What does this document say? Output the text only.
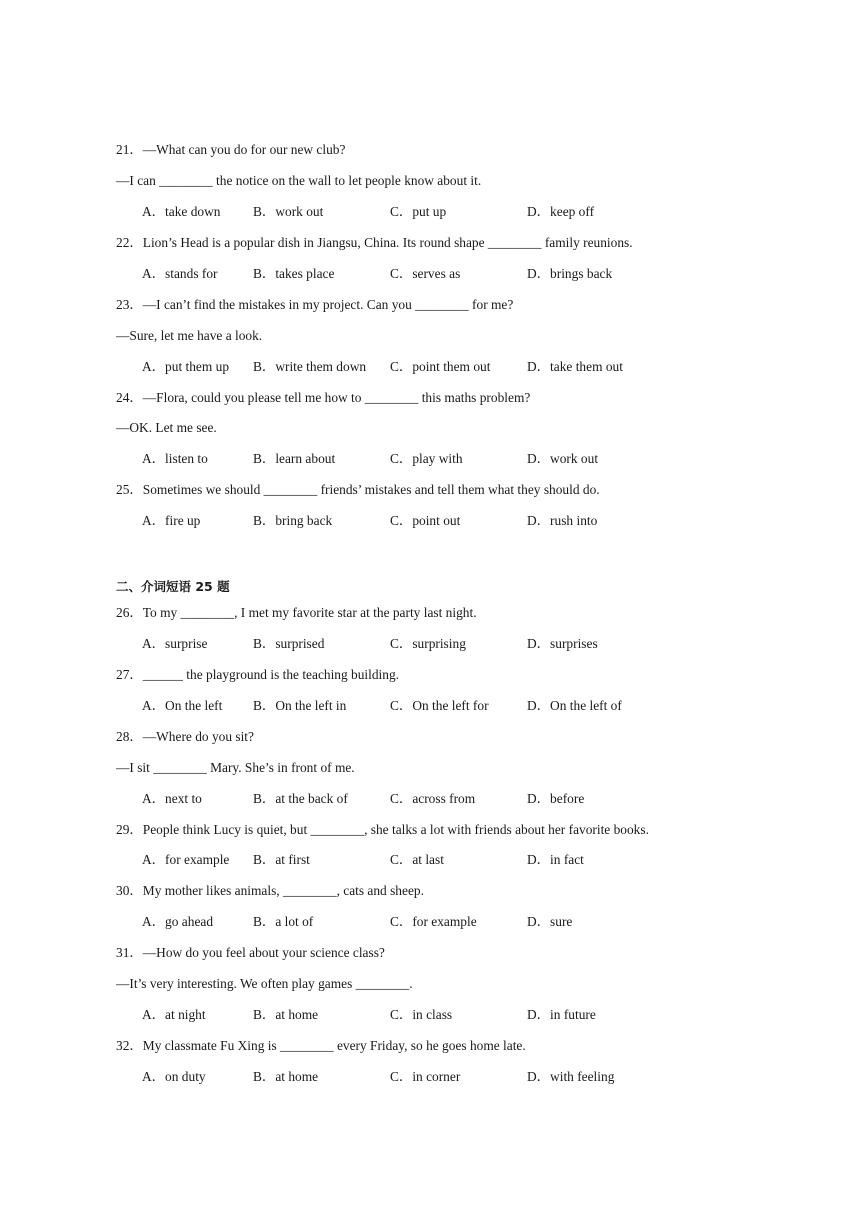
21．—What can you do for our new club?
—I can ________ the notice on the wall to let people know about it.
A．take down B．work out	C．put up	D．keep off
22．Lion’s Head is a popular dish in Jiangsu, China. Its round shape ________ family reunions.
A．stands for	B．takes place	C．serves as	D．brings back
23．—I can’t find the mistakes in my project. Can you ________ for me?
—Sure, let me have a look.
A．put them up B．write them down C．point them out	D．take them out
24．—Flora, could you please tell me how to ________ this maths problem?
—OK. Let me see.
A．listen to	B．learn about	C．play with	D．work out
25．Sometimes we should ________ friends’ mistakes and tell them what they should do.
A．fire up	B．bring back	C．point out	D．rush into
二、介词短语 25 题
26．To my ________, I met my favorite star at the party last night.
A．surprise	B．surprised	C．surprising	D．surprises
27．______ the playground is the teaching building.
A．On the left B．On the left in	C．On the left for	D．On the left of
28．—Where do you sit?
—I sit ________ Mary. She’s in front of me.
A．next to	B．at the back of	C．across from	D．before
29．People think Lucy is quiet, but ________, she talks a lot with friends about her favorite books.
A．for example B．at first	C．at last	D．in fact
30．My mother likes animals, ________, cats and sheep.
A．go ahead	B．a lot of	C．for example	D．sure
31．—How do you feel about your science class?
—It’s very interesting. We often play games ________.
A．at night	B．at home	C．in class	D．in future
32．My classmate Fu Xing is ________ every Friday, so he goes home late.
A．on duty	B．at home	C．in corner	D．with feeling
